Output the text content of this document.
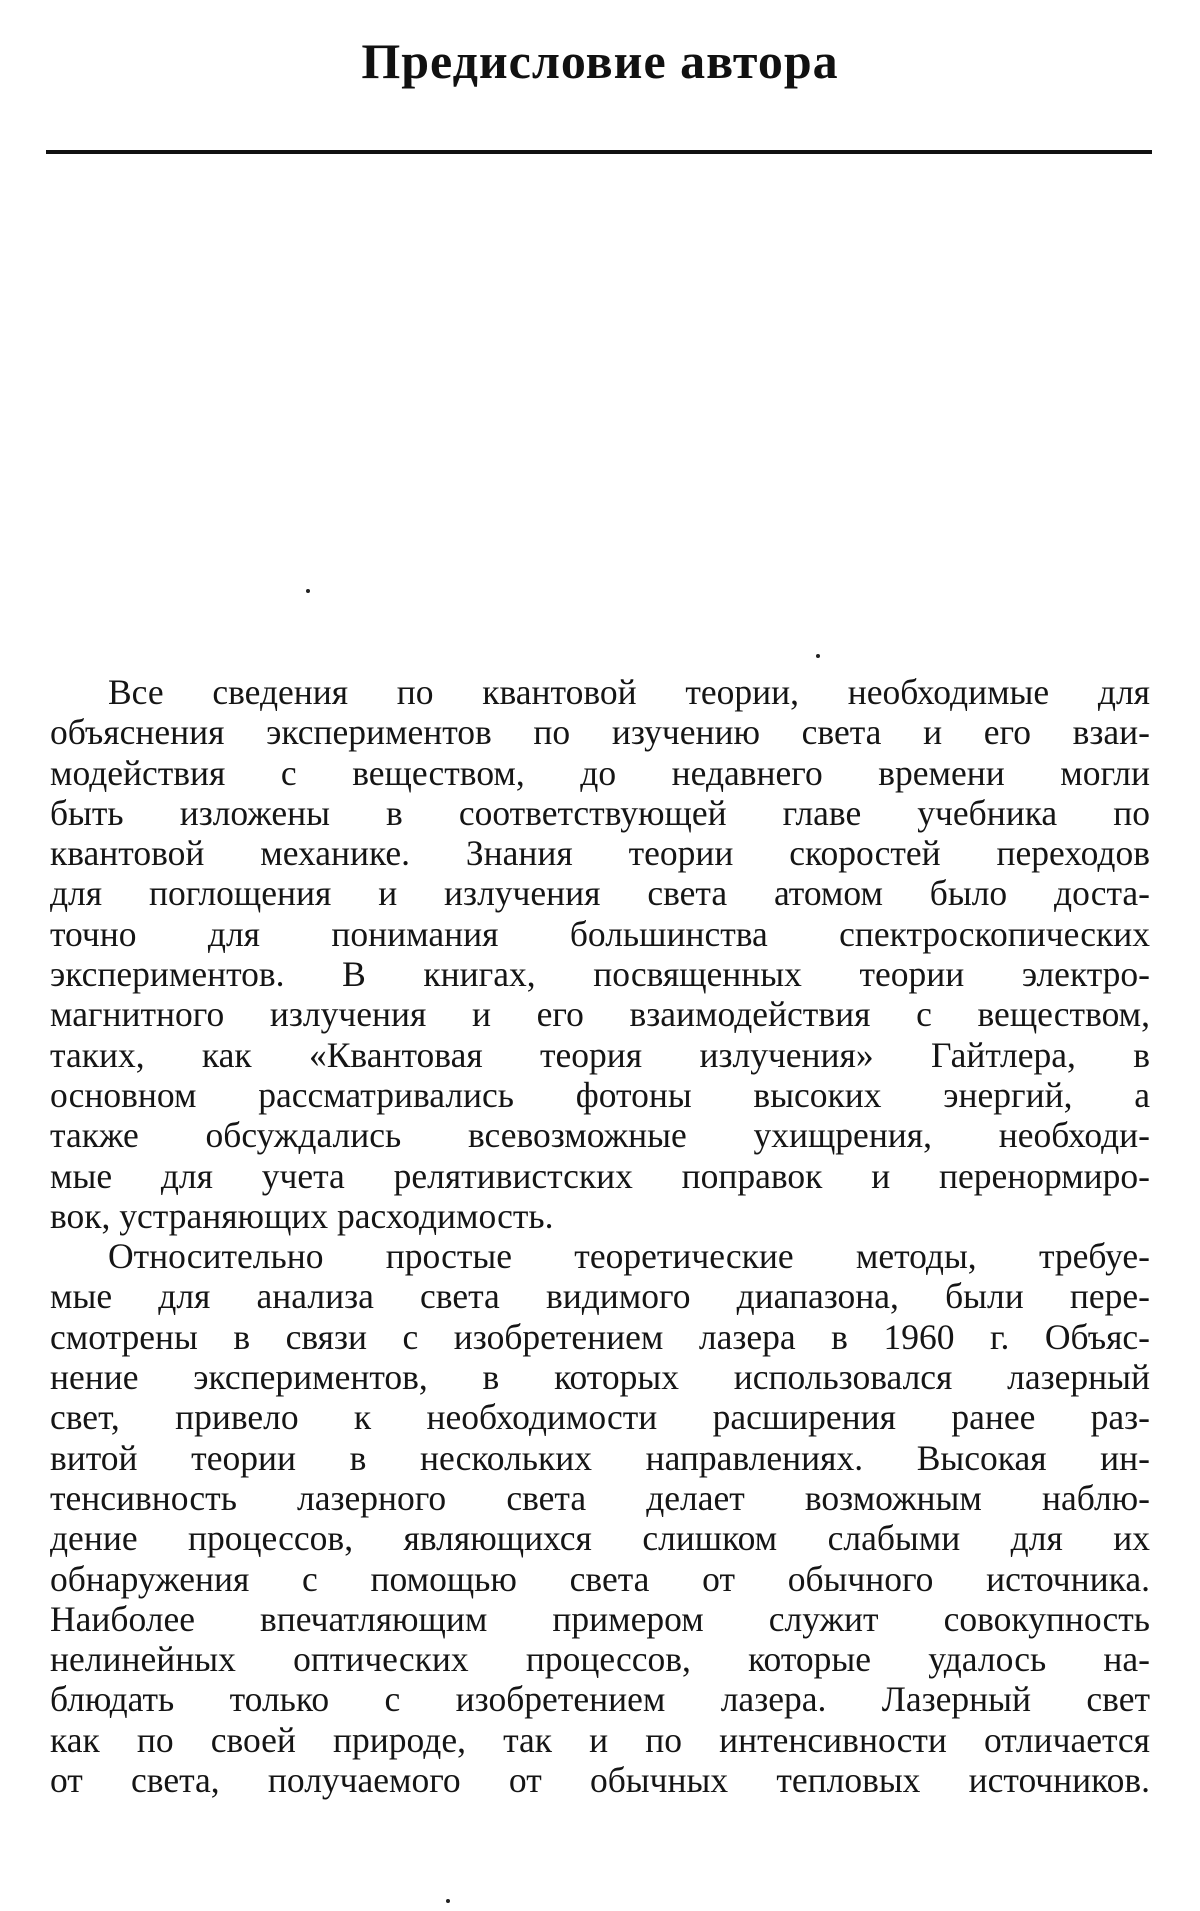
Предисловие автора
Все сведения по квантовой теории, необходимые для
объяснения экспериментов по изучению света и его взаи-
модействия с веществом, до недавнего времени могли
быть изложены в соответствующей главе учебника по
квантовой механике. Знания теории скоростей переходов
для поглощения и излучения света атомом было доста-
точно для понимания большинства спектроскопических
экспериментов. В книгах, посвященных теории электро-
магнитного излучения и его взаимодействия с веществом,
таких, как «Квантовая теория излучения» Гайтлера, в
основном рассматривались фотоны высоких энергий, а
также обсуждались всевозможные ухищрения, необходи-
мые для учета релятивистских поправок и перенормиро-
вок, устраняющих расходимость.
Относительно простые теоретические методы, требуе-
мые для анализа света видимого диапазона, были пере-
смотрены в связи с изобретением лазера в 1960 г. Объяс-
нение экспериментов, в которых использовался лазерный
свет, привело к необходимости расширения ранее раз-
витой теории в нескольких направлениях. Высокая ин-
тенсивность лазерного света делает возможным наблю-
дение процессов, являющихся слишком слабыми для их
обнаружения с помощью света от обычного источника.
Наиболее впечатляющим примером служит совокупность
нелинейных оптических процессов, которые удалось на-
блюдать только с изобретением лазера. Лазерный свет
как по своей природе, так и по интенсивности отличается
от света, получаемого от обычных тепловых источников.
